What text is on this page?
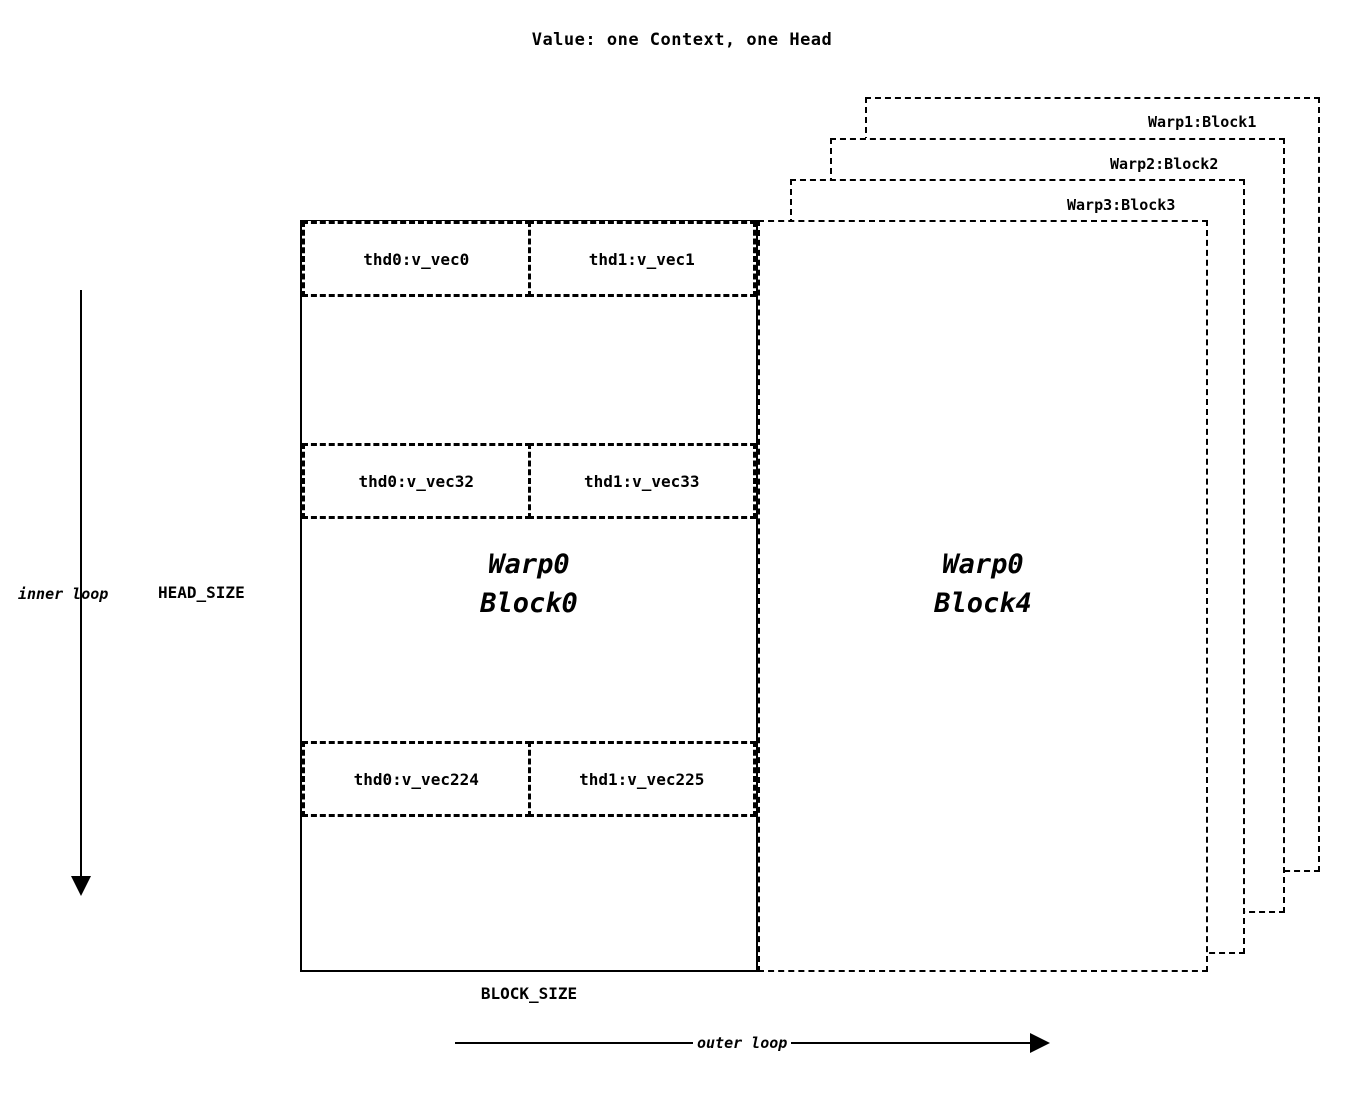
Value: one Context, one Head
Warp1:Block1
Warp2:Block2
Warp3:Block3
Warp0
Block4
Warp0
Block0
thd0:v_vec0	thd1:v_vec1
thd0:v_vec32	thd1:v_vec33
thd0:v_vec224	thd1:v_vec225
inner loop	HEAD_SIZE
BLOCK_SIZE
outer loop
